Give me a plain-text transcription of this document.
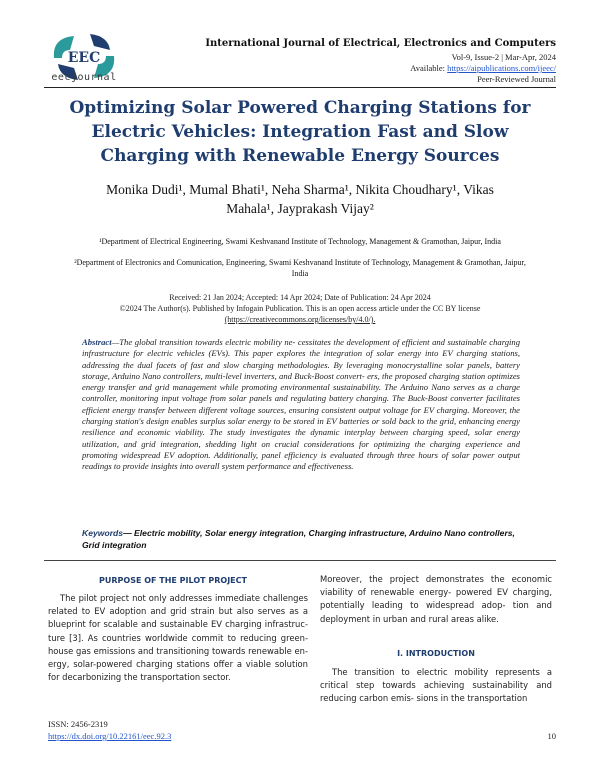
EEC
eecjournal
International Journal of Electrical, Electronics and Computers
Vol-9, Issue-2 | Mar-Apr, 2024
Available: https://aipublications.com/ijeec/
Peer-Reviewed Journal
Optimizing Solar Powered Charging Stations for Electric Vehicles: Integration Fast and Slow Charging with Renewable Energy Sources
Monika Dudi¹, Mumal Bhati¹, Neha Sharma¹, Nikita Choudhary¹, Vikas
Mahala¹, Jayprakash Vijay²
¹Department of Electrical Engineering, Swami Keshvanand Institute of Technology, Management & Gramothan, Jaipur, India
²Department of Electronics and Comunication, Engineering, Swami Keshvanand Institute of Technology, Management & Gramothan, Jaipur, India
Received: 21 Jan 2024; Accepted: 14 Apr 2024; Date of Publication: 24 Apr 2024
©2024 The Author(s). Published by Infogain Publication. This is an open access article under the CC BY license
(https://creativecommons.org/licenses/by/4.0/).
Abstract—The global transition towards electric mobility ne- cessitates the development of efficient and sustainable charging infrastructure for electric vehicles (EVs). This paper explores the integration of solar energy into EV charging stations, addressing the dual facets of fast and slow charging methodologies. By leveraging monocrystalline solar panels, battery storage, Arduino Nano controllers, multi-level inverters, and Buck-Boost convert- ers, the proposed charging station optimizes energy transfer and grid management while promoting environmental sustainability. The Arduino Nano serves as a charge controller, monitoring input voltage from solar panels and regulating battery charging. The Buck-Boost converter facilitates efficient energy transfer between different voltage sources, ensuring consistent output voltage for EV charging. Moreover, the charging station's design enables surplus solar energy to be stored in EV batteries or sold back to the grid, enhancing energy resilience and economic viability. The study investigates the dynamic interplay between charging speed, solar energy utilization, and grid integration, shedding light on crucial considerations for optimizing the charging experience and promoting widespread EV adoption. Additionally, panel efficiency is evaluated through three hours of solar power output readings to provide insights into overall system performance and effectiveness.
Keywords— Electric mobility, Solar energy integration, Charging infrastructure, Arduino Nano controllers, Grid integration
PURPOSE OF THE PILOT PROJECT
The pilot project not only addresses immediate challenges related to EV adoption and grid strain but also serves as a blueprint for scalable and sustainable EV charging infrastruc- ture [3]. As countries worldwide commit to reducing green- house gas emissions and transitioning towards renewable en- ergy, solar-powered charging stations offer a viable solution for decarbonizing the transportation sector.
Moreover, the project demonstrates the economic viability of renewable energy- powered EV charging, potentially leading to widespread adop- tion and deployment in urban and rural areas alike.
I. INTRODUCTION
The transition to electric mobility represents a critical step towards achieving sustainability and reducing carbon emis- sions in the transportation
ISSN: 2456-2319
https://dx.doi.org/10.22161/eec.92.3	10
